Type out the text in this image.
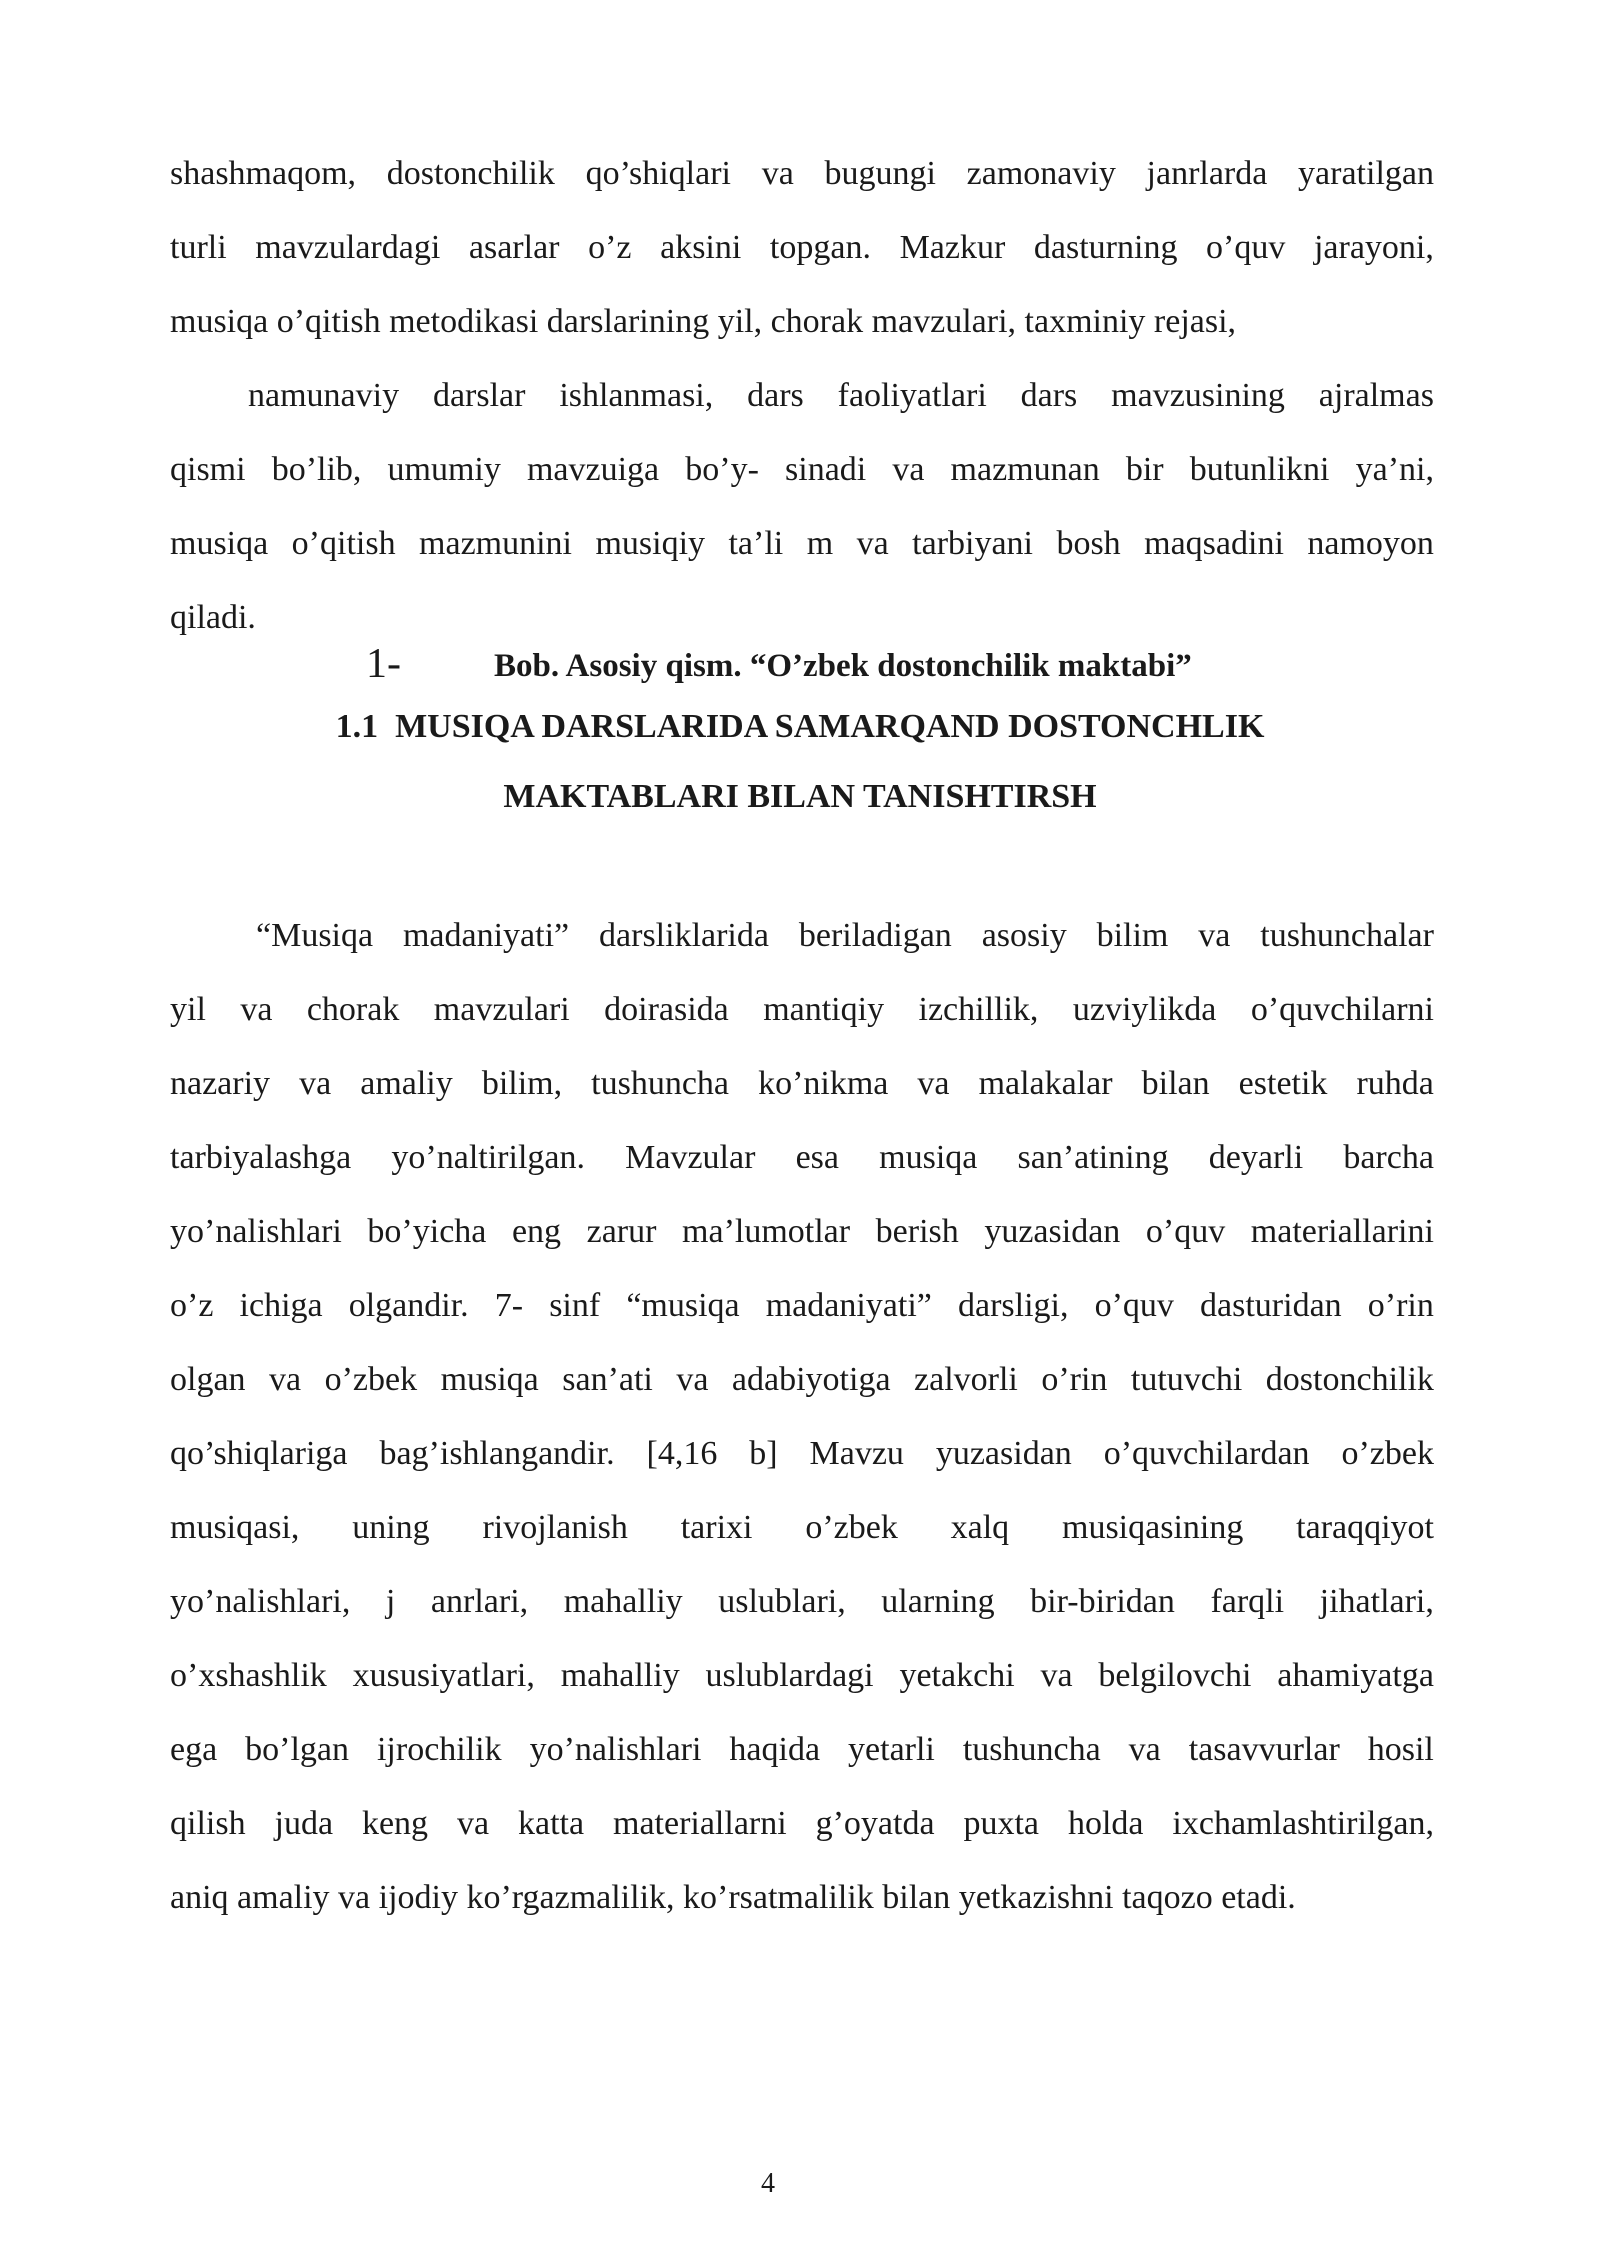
shashmaqom, dostonchilik qo’shiqlari va bugungi zamonaviy janrlarda yaratilgan
turli mavzulardagi asarlar o’z aksini topgan. Mazkur dasturning o’quv jarayoni,
musiqa o’qitish metodikasi darslarining yil, chorak mavzulari, taxminiy rejasi,
namunaviy darslar ishlanmasi, dars faoliyatlari dars mavzusining ajralmas
qismi bo’lib, umumiy mavzuiga bo’y- sinadi va mazmunan bir butunlikni ya’ni,
musiqa o’qitish mazmunini musiqiy ta’li m va tarbiyani bosh maqsadini namoyon
qiladi.
1-	Bob. Asosiy qism. “O’zbek dostonchilik maktabi”
1.1  MUSIQA DARSLARIDA SAMARQAND DOSTONCHLIK
MAKTABLARI BILAN TANISHTIRSH
“Musiqa madaniyati” darsliklarida beriladigan asosiy bilim va tushunchalar
yil va chorak mavzulari doirasida mantiqiy izchillik, uzviylikda o’quvchilarni
nazariy va amaliy bilim, tushuncha ko’nikma va malakalar bilan estetik ruhda
tarbiyalashga yo’naltirilgan. Mavzular esa musiqa san’atining deyarli barcha
yo’nalishlari bo’yicha eng zarur ma’lumotlar berish yuzasidan o’quv materiallarini
o’z ichiga olgandir. 7- sinf “musiqa madaniyati” darsligi, o’quv dasturidan o’rin
olgan va o’zbek musiqa san’ati va adabiyotiga zalvorli o’rin tutuvchi dostonchilik
qo’shiqlariga bag’ishlangandir. [4,16 b] Mavzu yuzasidan o’quvchilardan o’zbek
musiqasi, uning rivojlanish tarixi o’zbek xalq musiqasining taraqqiyot
yo’nalishlari, j anrlari, mahalliy uslublari, ularning bir-biridan farqli jihatlari,
o’xshashlik xususiyatlari, mahalliy uslublardagi yetakchi va belgilovchi ahamiyatga
ega bo’lgan ijrochilik yo’nalishlari haqida yetarli tushuncha va tasavvurlar hosil
qilish juda keng va katta materiallarni g’oyatda puxta holda ixchamlashtirilgan,
aniq amaliy va ijodiy ko’rgazmalilik, ko’rsatmalilik bilan yetkazishni taqozo etadi.
4
